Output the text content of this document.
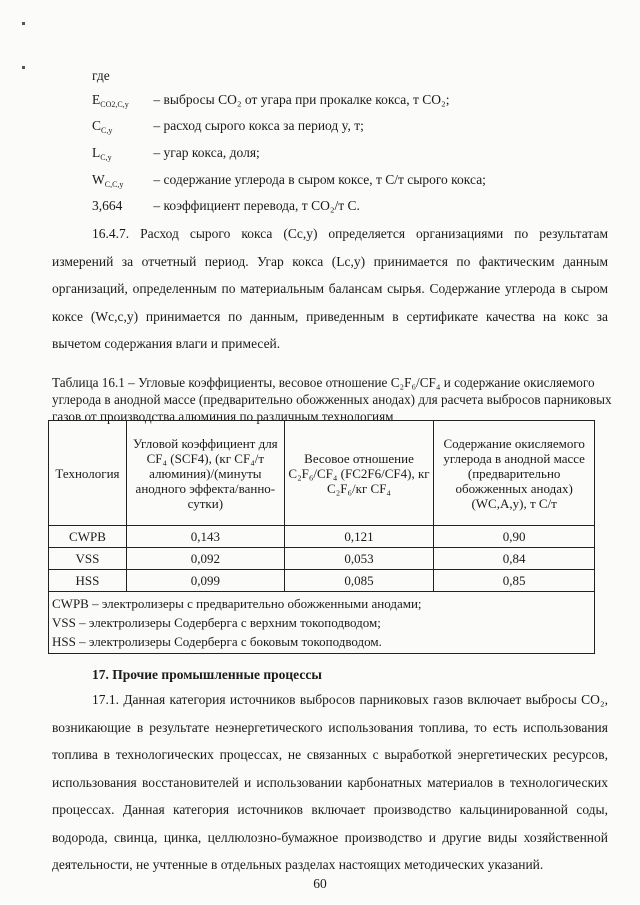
где
$E_{CO2,C,y}$ – выбросы CO₂ от угара при прокалке кокса, т CO₂;
$C_{C,y}$	– расход сырого кокса за период y, т;
$L_{C,y}$	– угар кокса, доля;
$W_{C,C,y}$ – содержание углерода в сыром коксе, т С/т сырого кокса;
3,664 – коэффициент перевода, т CO₂/т С.
16.4.7. Расход сырого кокса (Cc,y) определяется организациями по результатам измерений за отчетный период. Угар кокса (Lc,y) принимается по фактическим данным организаций, определенным по материальным балансам сырья. Содержание углерода в сыром коксе (Wc,c,y) принимается по данным, приведенным в сертификате качества на кокс за вычетом содержания влаги и примесей.
Таблица 16.1 – Угловые коэффициенты, весовое отношение C₂F₆/CF₄ и содержание окисляемого углерода в анодной массе (предварительно обожженных анодах) для расчета выбросов парниковых газов от производства алюминия по различным технологиям
Технология	Угловой коэффициент для CF₄ (SCF4), (кг CF₄/т алюминия)/(минуты анодного эффекта/ванно-сутки)	Весовое отношение C₂F₆/CF₄ (FC2F6/CF4), кг C₂F₆/кг CF₄	Содержание окисляемого углерода в анодной массе (предварительно обожженных анодах) (WC,A,y), т С/т
CWPB	0,143	0,121	0,90
VSS	0,092	0,053	0,84
HSS	0,099	0,085	0,85

CWPB – электролизеры с предварительно обожженными анодами;
VSS – электролизеры Содерберга с верхним токоподводом;
HSS – электролизеры Содерберга с боковым токоподводом.			
17. Прочие промышленные процессы
17.1. Данная категория источников выбросов парниковых газов включает выбросы CO₂, возникающие в результате неэнергетического использования топлива, то есть использования топлива в технологических процессах, не связанных с выработкой энергетических ресурсов, использования восстановителей и использовании карбонатных материалов в технологических процессах. Данная категория источников включает производство кальцинированной соды, водорода, свинца, цинка, целлюлозно-бумажное производство и другие виды хозяйственной деятельности, не учтенные в отдельных разделах настоящих методических указаний.
60
